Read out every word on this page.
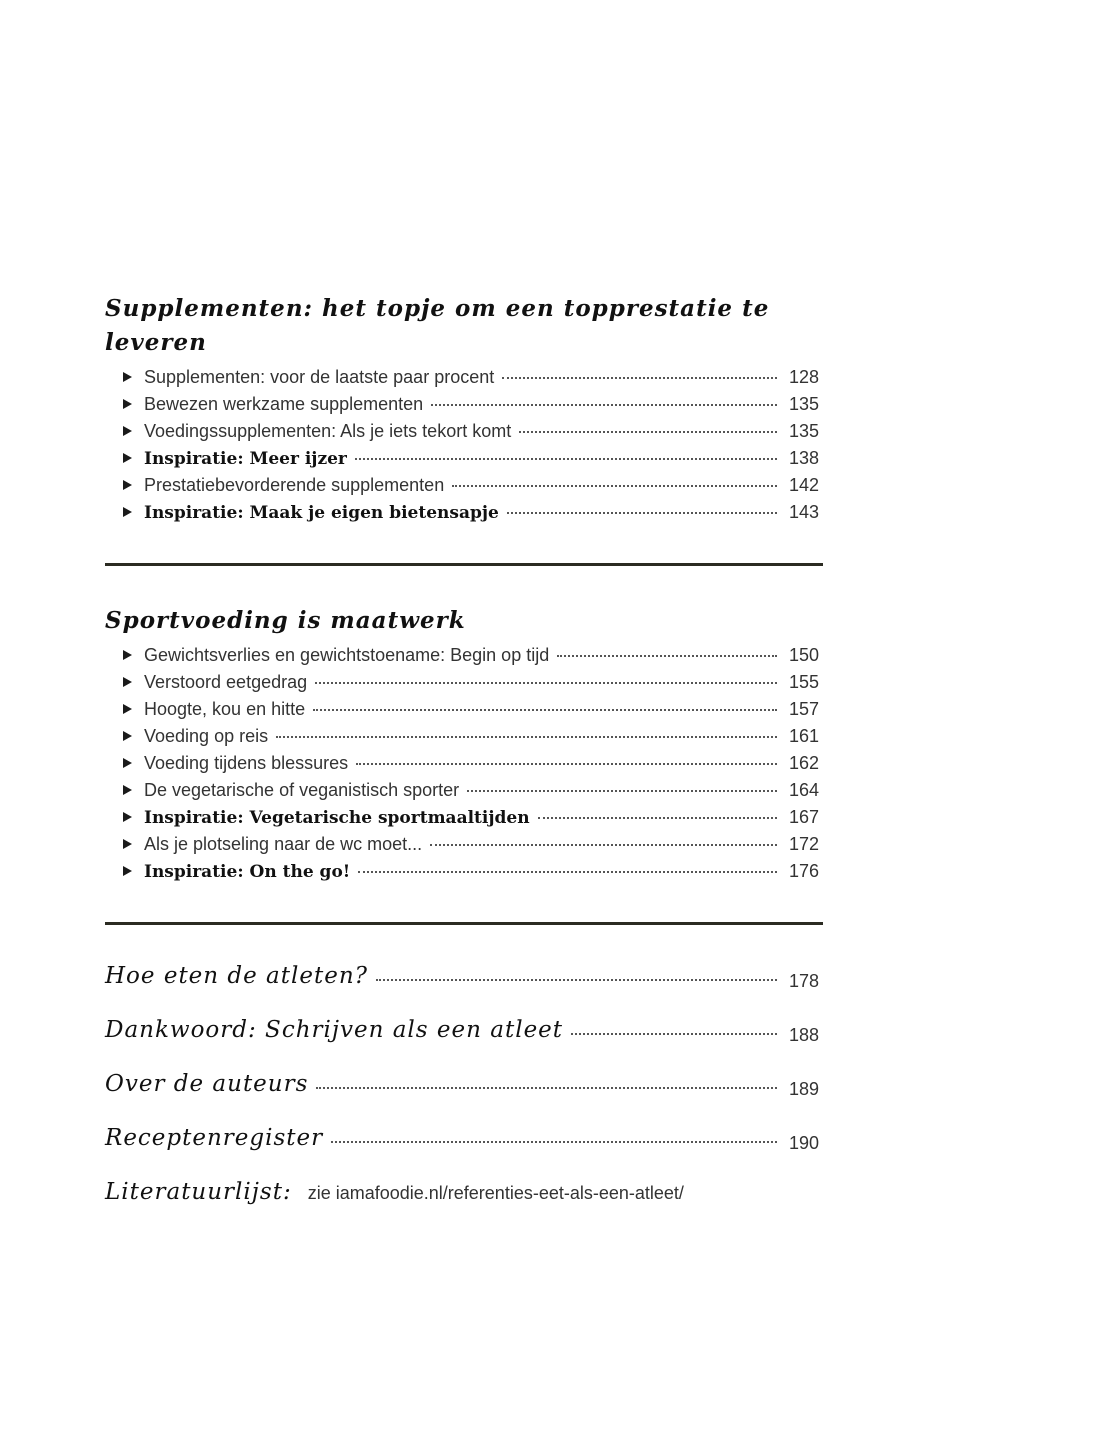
Supplementen: het topje om een topprestatie te leveren
Supplementen: voor de laatste paar procent	128
Bewezen werkzame supplementen	135
Voedingssupplementen: Als je iets tekort komt	135
Inspiratie: Meer ijzer	138
Prestatiebevorderende supplementen	142
Inspiratie: Maak je eigen bietensapje	143
Sportvoeding is maatwerk
Gewichtsverlies en gewichtstoename: Begin op tijd	150
Verstoord eetgedrag	155
Hoogte, kou en hitte	157
Voeding op reis	161
Voeding tijdens blessures	162
De vegetarische of veganistisch sporter	164
Inspiratie: Vegetarische sportmaaltijden	167
Als je plotseling naar de wc moet...	172
Inspiratie: On the go!	176
Hoe eten de atleten?	178
Dankwoord: Schrijven als een atleet	188
Over de auteurs	189
Receptenregister	190
Literatuurlijst: zie iamafoodie.nl/referenties-eet-als-een-atleet/
